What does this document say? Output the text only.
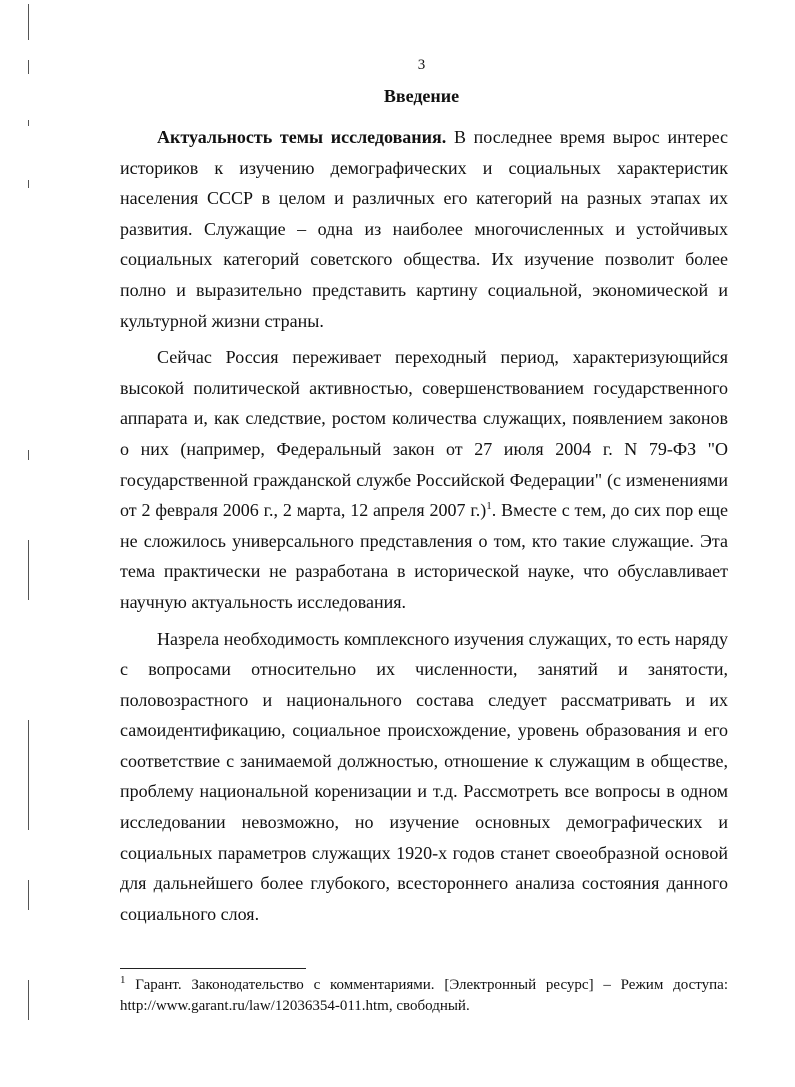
3
Введение

Актуальность темы исследования. В последнее время вырос интерес историков к изучению демографических и социальных характеристик населения СССР в целом и различных его категорий на разных этапах их развития. Служащие – одна из наиболее многочисленных и устойчивых социальных категорий советского общества. Их изучение позволит более полно и выразительно представить картину социальной, экономической и культурной жизни страны.

Сейчас Россия переживает переходный период, характеризующийся высокой политической активностью, совершенствованием государственного аппарата и, как следствие, ростом количества служащих, появлением законов о них (например, Федеральный закон от 27 июля 2004 г. N 79-ФЗ "О государственной гражданской службе Российской Федерации" (с изменениями от 2 февраля 2006 г., 2 марта, 12 апреля 2007 г.)$^1$. Вместе с тем, до сих пор еще не сложилось универсального представления о том, кто такие служащие. Эта тема практически не разработана в исторической науке, что обуславливает научную актуальность исследования.

Назрела необходимость комплексного изучения служащих, то есть наряду с вопросами относительно их численности, занятий и занятости, половозрастного и национального состава следует рассматривать и их самоидентификацию, социальное происхождение, уровень образования и его соответствие с занимаемой должностью, отношение к служащим в обществе, проблему национальной коренизации и т.д. Рассмотреть все вопросы в одном исследовании невозможно, но изучение основных демографических и социальных параметров служащих 1920-х годов станет своеобразной основой для дальнейшего более глубокого, всестороннего анализа состояния данного социального слоя.

$^1$ Гарант. Законодательство с комментариями. [Электронный ресурс] – Режим доступа: http://www.garant.ru/law/12036354-011.htm, свободный.
